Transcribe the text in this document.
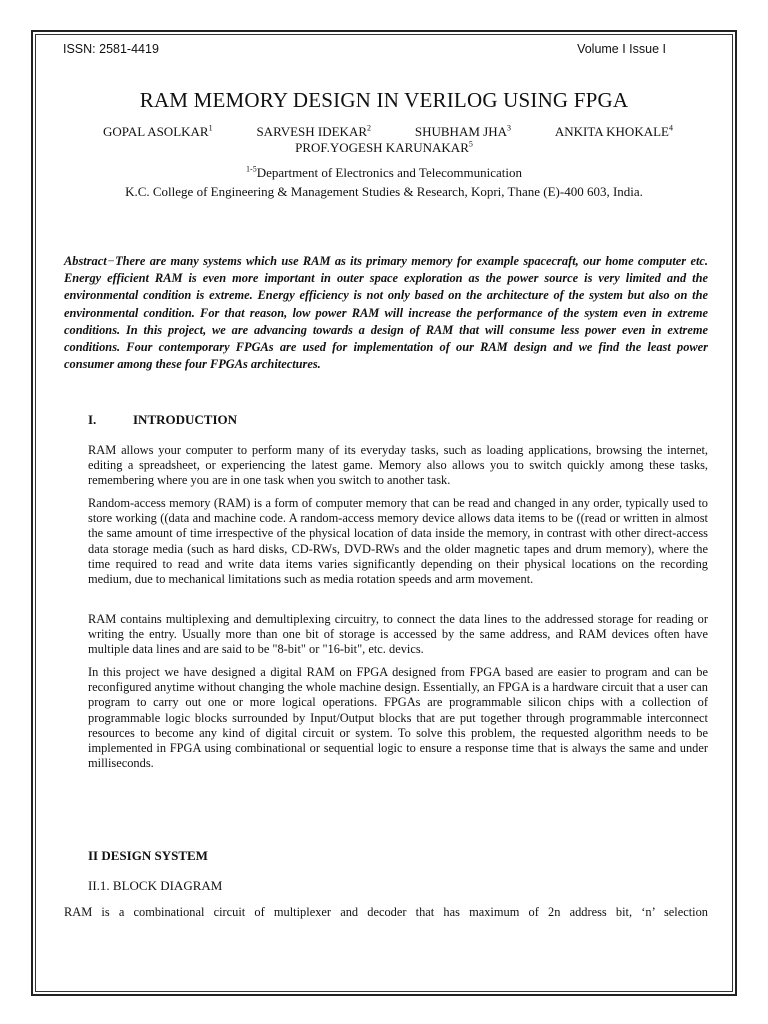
ISSN: 2581-4419	Volume I Issue I
RAM MEMORY DESIGN IN VERILOG USING FPGA
GOPAL ASOLKAR$^1$	SARVESH IDEKAR$^2$	SHUBHAM JHA$^3$	ANKITA KHOKALE$^4$
PROF.YOGESH KARUNAKAR$^5$
$^{1-5}$Department of Electronics and Telecommunication
K.C. College of Engineering & Management Studies & Research, Kopri, Thane (E)-400 603, India.

Abstract−There are many systems which use RAM as its primary memory for example spacecraft, our home computer etc. Energy efficient RAM is even more important in outer space exploration as the power source is very limited and the environmental condition is extreme. Energy efficiency is not only based on the architecture of the system but also on the environmental condition. For that reason, low power RAM will increase the performance of the system even in extreme conditions. In this project, we are advancing towards a design of RAM that will consume less power even in extreme conditions. Four contemporary FPGAs are used for implementation of our RAM design and we find the least power consumer among these four FPGAs architectures.

I.	INTRODUCTION

RAM allows your computer to perform many of its everyday tasks, such as loading applications, browsing the internet, editing a spreadsheet, or experiencing the latest game. Memory also allows you to switch quickly among these tasks, remembering where you are in one task when you switch to another task.

Random-access memory (RAM) is a form of computer memory that can be read and changed in any order, typically used to store working ((data and machine code. A random-access memory device allows data items to be ((read or written in almost the same amount of time irrespective of the physical location of data inside the memory, in contrast with other direct-access data storage media (such as hard disks, CD-RWs, DVD-RWs and the older magnetic tapes and drum memory), where the time required to read and write data items varies significantly depending on their physical locations on the recording medium, due to mechanical limitations such as media rotation speeds and arm movement.

RAM contains multiplexing and demultiplexing circuitry, to connect the data lines to the addressed storage for reading or writing the entry. Usually more than one bit of storage is accessed by the same address, and RAM devices often have multiple data lines and are said to be "8-bit" or "16-bit", etc. devics.

In this project we have designed a digital RAM on FPGA designed from FPGA based are easier to program and can be reconfigured anytime without changing the whole machine design. Essentially, an FPGA is a hardware circuit that a user can program to carry out one or more logical operations. FPGAs are programmable silicon chips with a collection of programmable logic blocks surrounded by Input/Output blocks that are put together through programmable interconnect resources to become any kind of digital circuit or system. To solve this problem, the requested algorithm needs to be implemented in FPGA using combinational or sequential logic to ensure a response time that is always the same and under milliseconds.

II DESIGN SYSTEM
II.1. BLOCK DIAGRAM

RAM is a combinational circuit of multiplexer and decoder that has maximum of 2n address bit, ‘n’ selection
